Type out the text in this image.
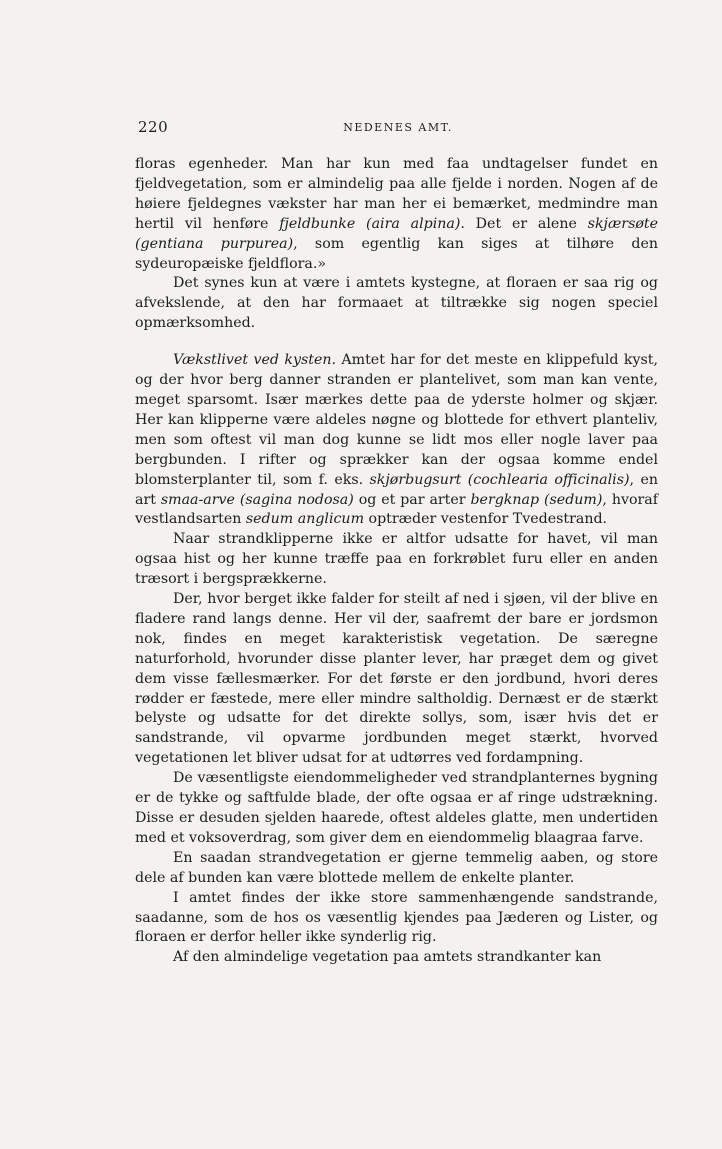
220	NEDENES AMT.

floras egenheder. Man har kun med faa undtagelser fundet en fjeldvegetation, som er almindelig paa alle fjelde i norden. Nogen af de høiere fjeldegnes vækster har man her ei bemærket, medmindre man hertil vil henføre fjeldbunke (aira alpina). Det er alene skjærsøte (gentiana purpurea), som egentlig kan siges at tilhøre den sydeuropæiske fjeldflora.»

Det synes kun at være i amtets kystegne, at floraen er saa rig og afvekslende, at den har formaaet at tiltrække sig nogen speciel opmærksomhed.

Vækstlivet ved kysten. Amtet har for det meste en klippefuld kyst, og der hvor berg danner stranden er plantelivet, som man kan vente, meget sparsomt. Især mærkes dette paa de yderste holmer og skjær. Her kan klipperne være aldeles nøgne og blottede for ethvert planteliv, men som oftest vil man dog kunne se lidt mos eller nogle laver paa bergbunden. I rifter og sprækker kan der ogsaa komme endel blomsterplanter til, som f. eks. skjørbugsurt (cochlearia officinalis), en art smaa-arve (sagina nodosa) og et par arter bergknap (sedum), hvoraf vestlandsarten sedum anglicum optræder vestenfor Tvedestrand.

Naar strandklipperne ikke er altfor udsatte for havet, vil man ogsaa hist og her kunne træffe paa en forkrøblet furu eller en anden træsort i bergsprækkerne.

Der, hvor berget ikke falder for steilt af ned i sjøen, vil der blive en fladere rand langs denne. Her vil der, saafremt der bare er jordsmon nok, findes en meget karakteristisk vegetation. De særegne naturforhold, hvorunder disse planter lever, har præget dem og givet dem visse fællesmærker. For det første er den jordbund, hvori deres rødder er fæstede, mere eller mindre saltholdig. Dernæst er de stærkt belyste og udsatte for det direkte sollys, som, især hvis det er sandstrande, vil opvarme jordbunden meget stærkt, hvorved vegetationen let bliver udsat for at udtørres ved fordampning.

De væsentligste eiendommeligheder ved strandplanternes bygning er de tykke og saftfulde blade, der ofte ogsaa er af ringe udstrækning. Disse er desuden sjelden haarede, oftest aldeles glatte, men undertiden med et voksoverdrag, som giver dem en eiendommelig blaagraa farve.

En saadan strandvegetation er gjerne temmelig aaben, og store dele af bunden kan være blottede mellem de enkelte planter.

I amtet findes der ikke store sammenhængende sandstrande, saadanne, som de hos os væsentlig kjendes paa Jæderen og Lister, og floraen er derfor heller ikke synderlig rig.

Af den almindelige vegetation paa amtets strandkanter kan
